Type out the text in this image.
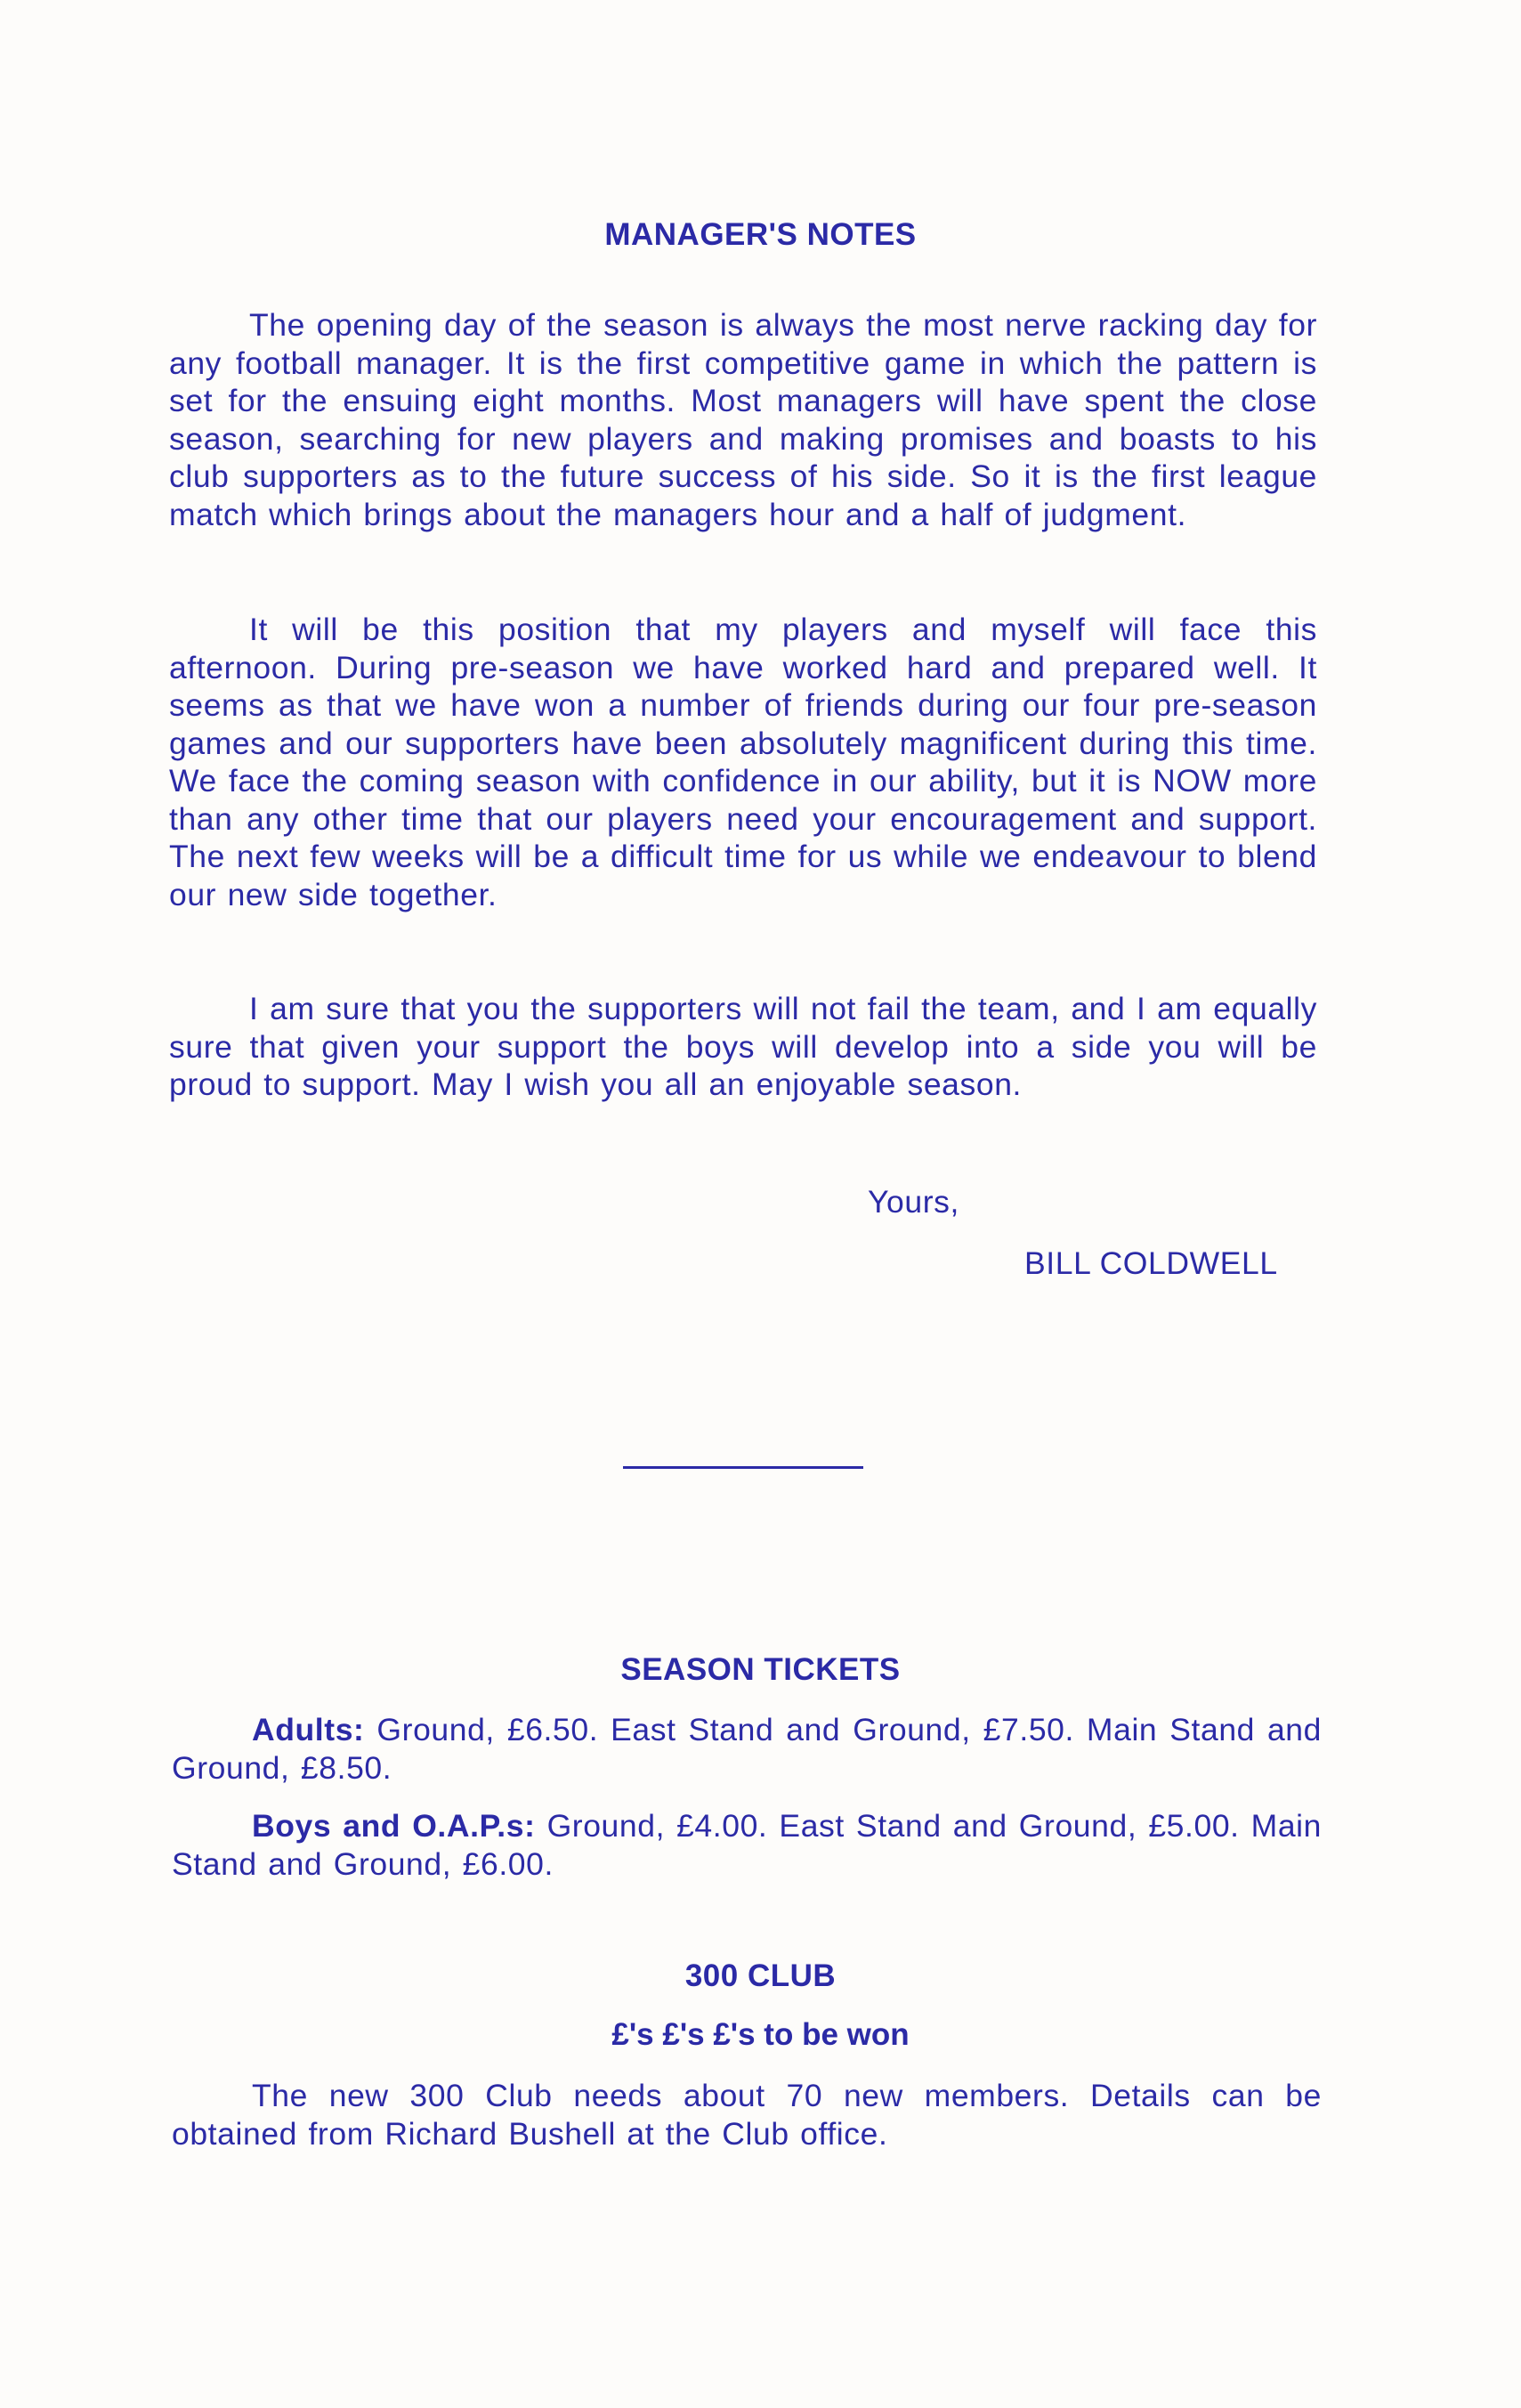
MANAGER'S NOTES
The opening day of the season is always the most nerve racking day for any football manager. It is the first competitive game in which the pattern is set for the ensuing eight months. Most managers will have spent the close season, searching for new players and making promises and boasts to his club supporters as to the future success of his side. So it is the first league match which brings about the managers hour and a half of judgment.
It will be this position that my players and myself will face this afternoon. During pre-season we have worked hard and prepared well. It seems as that we have won a number of friends during our four pre-season games and our supporters have been absolutely magnificent during this time. We face the coming season with confidence in our ability, but it is NOW more than any other time that our players need your encouragement and support. The next few weeks will be a difficult time for us while we endeavour to blend our new side together.
I am sure that you the supporters will not fail the team, and I am equally sure that given your support the boys will develop into a side you will be proud to support. May I wish you all an enjoyable season.
Yours,
BILL COLDWELL
SEASON TICKETS
Adults: Ground, £6.50. East Stand and Ground, £7.50. Main Stand and Ground, £8.50.
Boys and O.A.P.s: Ground, £4.00. East Stand and Ground, £5.00. Main Stand and Ground, £6.00.
300 CLUB
£'s £'s £'s to be won
The new 300 Club needs about 70 new members. Details can be obtained from Richard Bushell at the Club office.
